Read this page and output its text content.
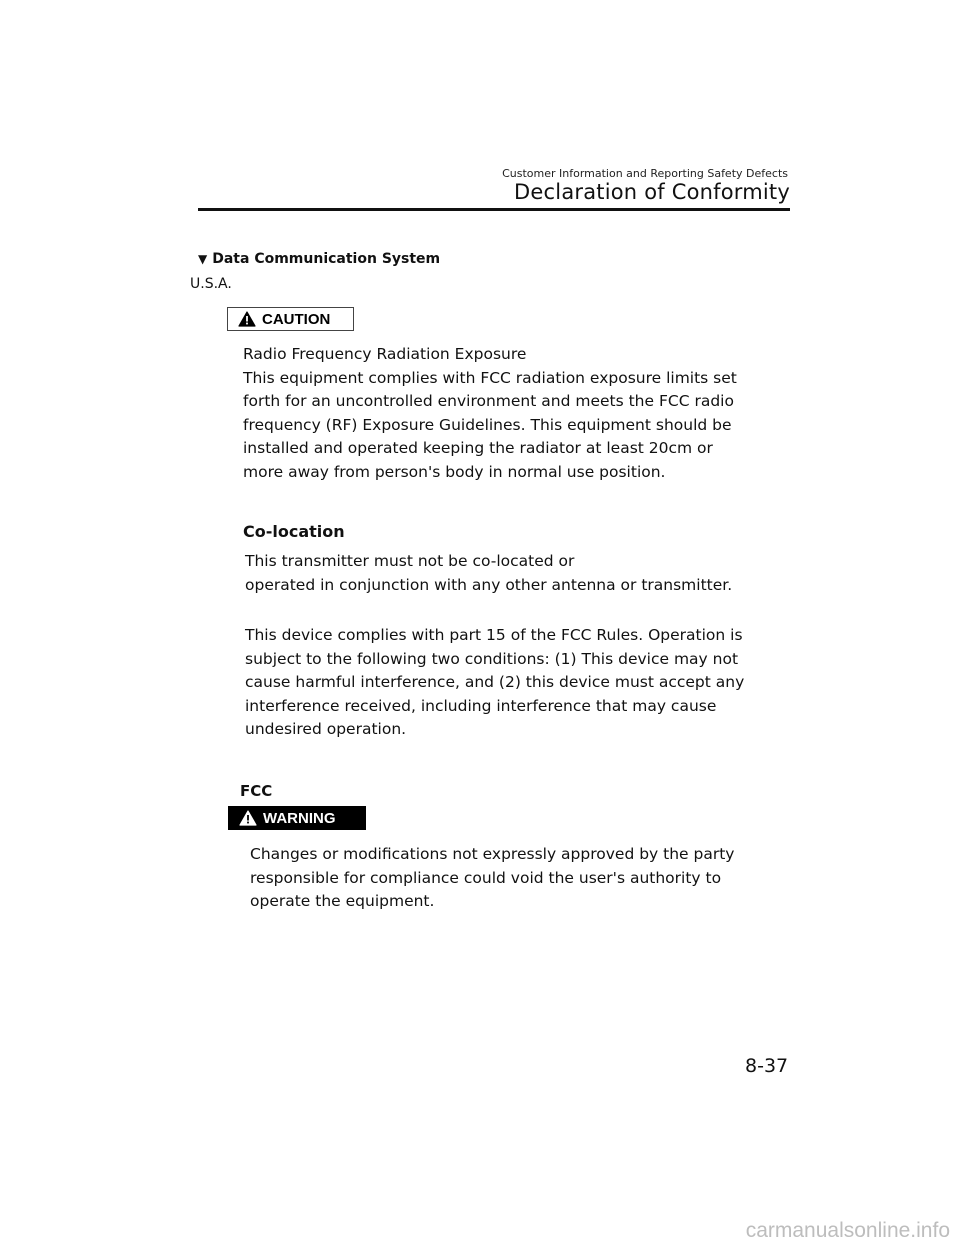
Customer Information and Reporting Safety Defects
Declaration of Conformity
▼ Data Communication System
U.S.A.
CAUTION
Radio Frequency Radiation Exposure
This equipment complies with FCC radiation exposure limits set
forth for an uncontrolled environment and meets the FCC radio
frequency (RF) Exposure Guidelines. This equipment should be
installed and operated keeping the radiator at least 20cm or
more away from person's body in normal use position.
Co-location
This transmitter must not be co-located or
operated in conjunction with any other antenna or transmitter.
This device complies with part 15 of the FCC Rules. Operation is
subject to the following two conditions: (1) This device may not
cause harmful interference, and (2) this device must accept any
interference received, including interference that may cause
undesired operation.
FCC
WARNING
Changes or modifications not expressly approved by the party
responsible for compliance could void the user's authority to
operate the equipment.
8-37
carmanualsonline.info
